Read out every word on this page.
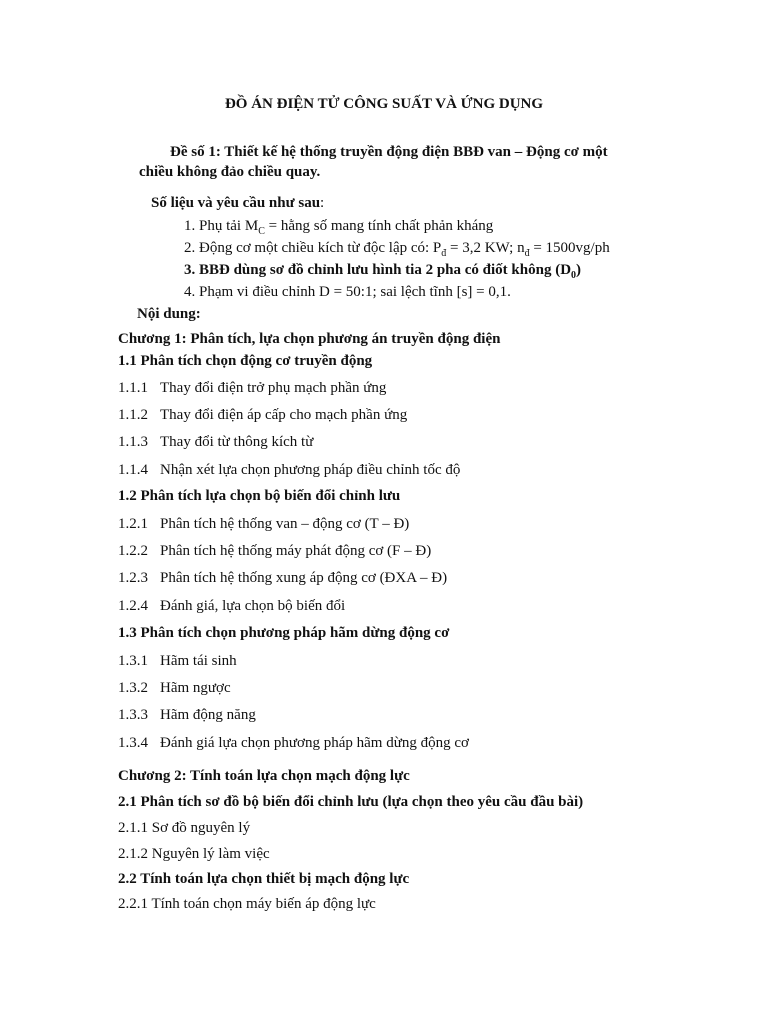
ĐỒ ÁN ĐIỆN TỬ CÔNG SUẤT VÀ ỨNG DỤNG
Đề số 1: Thiết kế hệ thống truyền động điện BBĐ van – Động cơ một
chiều không đảo chiều quay.
Số liệu và yêu cầu như sau:
1. Phụ tải $M_C$ = hằng số mang tính chất phản kháng
2. Động cơ một chiều kích từ độc lập có: $P_đ = 3,2$ KW; $n_đ = 1500vg/ph$
3. BBĐ dùng sơ đồ chỉnh lưu hình tia 2 pha có điốt không $(D_0)$
4. Phạm vi điều chỉnh D = 50:1; sai lệch tĩnh [s] = 0,1.
Nội dung:
Chương 1: Phân tích, lựa chọn phương án truyền động điện
1.1 Phân tích chọn động cơ truyền động
1.1.1 Thay đổi điện trở phụ mạch phần ứng
1.1.2 Thay đổi điện áp cấp cho mạch phần ứng
1.1.3 Thay đổi từ thông kích từ
1.1.4 Nhận xét lựa chọn phương pháp điều chỉnh tốc độ
1.2 Phân tích lựa chọn bộ biến đổi chỉnh lưu
1.2.1 Phân tích hệ thống van – động cơ (T – Đ)
1.2.2 Phân tích hệ thống máy phát động cơ (F – Đ)
1.2.3 Phân tích hệ thống xung áp động cơ (ĐXA – Đ)
1.2.4 Đánh giá, lựa chọn bộ biến đổi
1.3 Phân tích chọn phương pháp hãm dừng động cơ
1.3.1 Hãm tái sinh
1.3.2 Hãm ngược
1.3.3 Hãm động năng
1.3.4 Đánh giá lựa chọn phương pháp hãm dừng động cơ
Chương 2: Tính toán lựa chọn mạch động lực
2.1 Phân tích sơ đồ bộ biến đổi chỉnh lưu (lựa chọn theo yêu cầu đầu bài)
2.1.1 Sơ đồ nguyên lý
2.1.2 Nguyên lý làm việc
2.2 Tính toán lựa chọn thiết bị mạch động lực
2.2.1 Tính toán chọn máy biến áp động lực
